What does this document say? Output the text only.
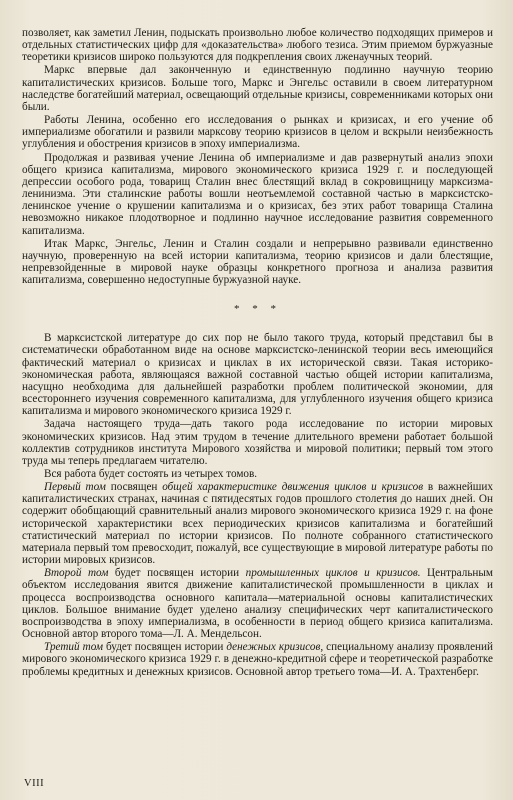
позволяет, как заметил Ленин, подыскать произвольно любое количество подходящих примеров и отдельных статистических цифр для «доказательства» любого тезиса. Этим приемом буржуазные теоретики кризисов широко пользуются для подкрепления своих лженаучных теорий.

Маркс впервые дал законченную и единственную подлинно научную теорию капиталистических кризисов. Больше того, Маркс и Энгельс оставили в своем литературном наследстве богатейший материал, освещающий отдельные кризисы, современниками которых они были.

Работы Ленина, особенно его исследования о рынках и кризисах, и его учение об империализме обогатили и развили марксову теорию кризисов в целом и вскрыли неизбежность углубления и обострения кризисов в эпоху империализма.

Продолжая и развивая учение Ленина об империализме и дав развернутый анализ эпохи общего кризиса капитализма, мирового экономического кризиса 1929 г. и последующей депрессии особого рода, товарищ Сталин внес блестящий вклад в сокровищницу марксизма-ленинизма. Эти сталинские работы вошли неотъемлемой составной частью в марксистско-ленинское учение о крушении капитализма и о кризисах, без этих работ товарища Сталина невозможно никакое плодотворное и подлинно научное исследование развития современного капитализма.

Итак Маркс, Энгельс, Ленин и Сталин создали и непрерывно развивали единственно научную, проверенную на всей истории капитализма, теорию кризисов и дали блестящие, непревзойденные в мировой науке образцы конкретного прогноза и анализа развития капитализма, совершенно недоступные буржуазной науке.

* * *

В марксистской литературе до сих пор не было такого труда, который представил бы в систематически обработанном виде на основе марксистско-ленинской теории весь имеющийся фактический материал о кризисах и циклах в их исторической связи. Такая историко-экономическая работа, являющаяся важной составной частью общей истории капитализма, насущно необходима для дальнейшей разработки проблем политической экономии, для всестороннего изучения современного капитализма, для углубленного изучения общего кризиса капитализма и мирового экономического кризиса 1929 г.

Задача настоящего труда—дать такого рода исследование по истории мировых экономических кризисов. Над этим трудом в течение длительного времени работает большой коллектив сотрудников института Мирового хозяйства и мировой политики; первый том этого труда мы теперь предлагаем читателю.

Вся работа будет состоять из четырех томов.

Первый том посвящен общей характеристике движения циклов и кризисов в важнейших капиталистических странах, начиная с пятидесятых годов прошлого столетия до наших дней. Он содержит обобщающий сравнительный анализ мирового экономического кризиса 1929 г. на фоне исторической характеристики всех периодических кризисов капитализма и богатейший статистический материал по истории кризисов. По полноте собранного статистического материала первый том превосходит, пожалуй, все существующие в мировой литературе работы по истории мировых кризисов.

Второй том будет посвящен истории промышленных циклов и кризисов. Центральным объектом исследования явится движение капиталистической промышленности в циклах и процесса воспроизводства основного капитала—материальной основы капиталистических циклов. Большое внимание будет уделено анализу специфических черт капиталистического воспроизводства в эпоху империализма, в особенности в период общего кризиса капитализма. Основной автор второго тома—Л. А. Мендельсон.

Третий том будет посвящен истории денежных кризисов, специальному анализу проявлений мирового экономического кризиса 1929 г. в денежно-кредитной сфере и теоретической разработке проблемы кредитных и денежных кризисов. Основной автор третьего тома—И. А. Трахтенберг.

VIII
